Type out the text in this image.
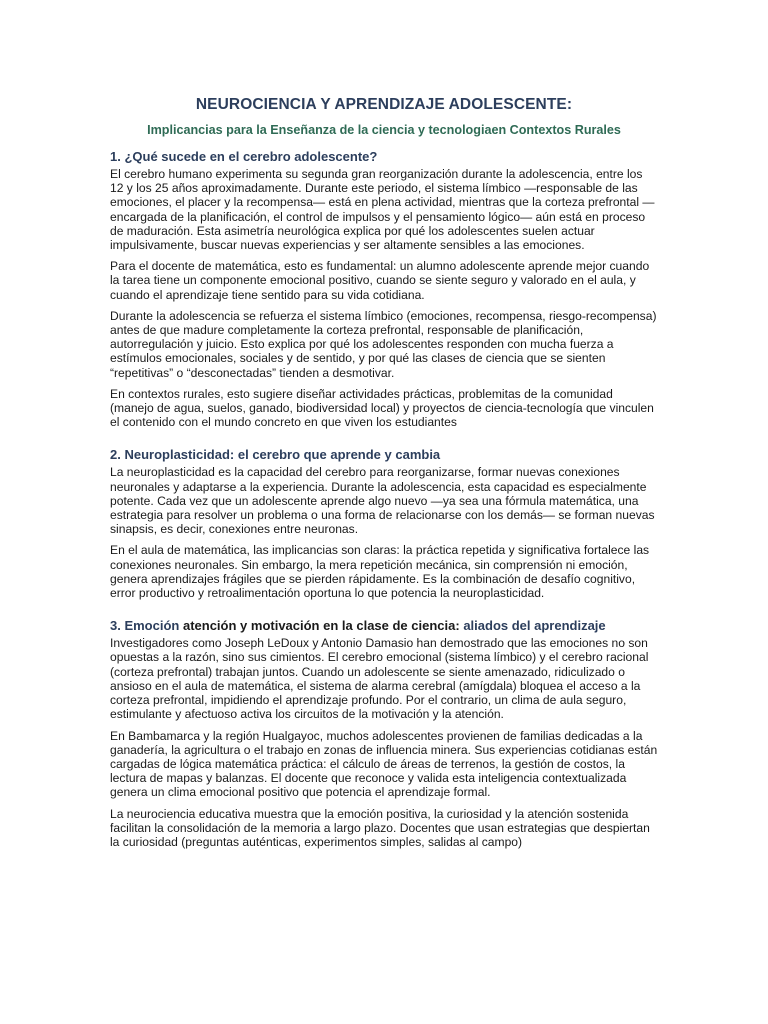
NEUROCIENCIA Y APRENDIZAJE ADOLESCENTE:
Implicancias para la Enseñanza de la ciencia y tecnologiaen Contextos Rurales
1. ¿Qué sucede en el cerebro adolescente?

El cerebro humano experimenta su segunda gran reorganización durante la adolescencia, entre los 12 y los 25 años aproximadamente. Durante este periodo, el sistema límbico —responsable de las emociones, el placer y la recompensa— está en plena actividad, mientras que la corteza prefrontal —encargada de la planificación, el control de impulsos y el pensamiento lógico— aún está en proceso de maduración. Esta asimetría neurológica explica por qué los adolescentes suelen actuar impulsivamente, buscar nuevas experiencias y ser altamente sensibles a las emociones.

Para el docente de matemática, esto es fundamental: un alumno adolescente aprende mejor cuando la tarea tiene un componente emocional positivo, cuando se siente seguro y valorado en el aula, y cuando el aprendizaje tiene sentido para su vida cotidiana.

Durante la adolescencia se refuerza el sistema límbico (emociones, recompensa, riesgo-recompensa) antes de que madure completamente la corteza prefrontal, responsable de planificación, autorregulación y juicio. Esto explica por qué los adolescentes responden con mucha fuerza a estímulos emocionales, sociales y de sentido, y por qué las clases de ciencia que se sienten “repetitivas” o “desconectadas” tienden a desmotivar.

En contextos rurales, esto sugiere diseñar actividades prácticas, problemitas de la comunidad (manejo de agua, suelos, ganado, biodiversidad local) y proyectos de ciencia-tecnología que vinculen el contenido con el mundo concreto en que viven los estudiantes

2. Neuroplasticidad: el cerebro que aprende y cambia

La neuroplasticidad es la capacidad del cerebro para reorganizarse, formar nuevas conexiones neuronales y adaptarse a la experiencia. Durante la adolescencia, esta capacidad es especialmente potente. Cada vez que un adolescente aprende algo nuevo —ya sea una fórmula matemática, una estrategia para resolver un problema o una forma de relacionarse con los demás— se forman nuevas sinapsis, es decir, conexiones entre neuronas.

En el aula de matemática, las implicancias son claras: la práctica repetida y significativa fortalece las conexiones neuronales. Sin embargo, la mera repetición mecánica, sin comprensión ni emoción, genera aprendizajes frágiles que se pierden rápidamente. Es la combinación de desafío cognitivo, error productivo y retroalimentación oportuna lo que potencia la neuroplasticidad.

3. Emoción atención y motivación en la clase de ciencia: aliados del aprendizaje

Investigadores como Joseph LeDoux y Antonio Damasio han demostrado que las emociones no son opuestas a la razón, sino sus cimientos. El cerebro emocional (sistema límbico) y el cerebro racional (corteza prefrontal) trabajan juntos. Cuando un adolescente se siente amenazado, ridiculizado o ansioso en el aula de matemática, el sistema de alarma cerebral (amígdala) bloquea el acceso a la corteza prefrontal, impidiendo el aprendizaje profundo. Por el contrario, un clima de aula seguro, estimulante y afectuoso activa los circuitos de la motivación y la atención.

En Bambamarca y la región Hualgayoc, muchos adolescentes provienen de familias dedicadas a la ganadería, la agricultura o el trabajo en zonas de influencia minera. Sus experiencias cotidianas están cargadas de lógica matemática práctica: el cálculo de áreas de terrenos, la gestión de costos, la lectura de mapas y balanzas. El docente que reconoce y valida esta inteligencia contextualizada genera un clima emocional positivo que potencia el aprendizaje formal.

La neurociencia educativa muestra que la emoción positiva, la curiosidad y la atención sostenida facilitan la consolidación de la memoria a largo plazo. Docentes que usan estrategias que despiertan la curiosidad (preguntas auténticas, experimentos simples, salidas al campo)
